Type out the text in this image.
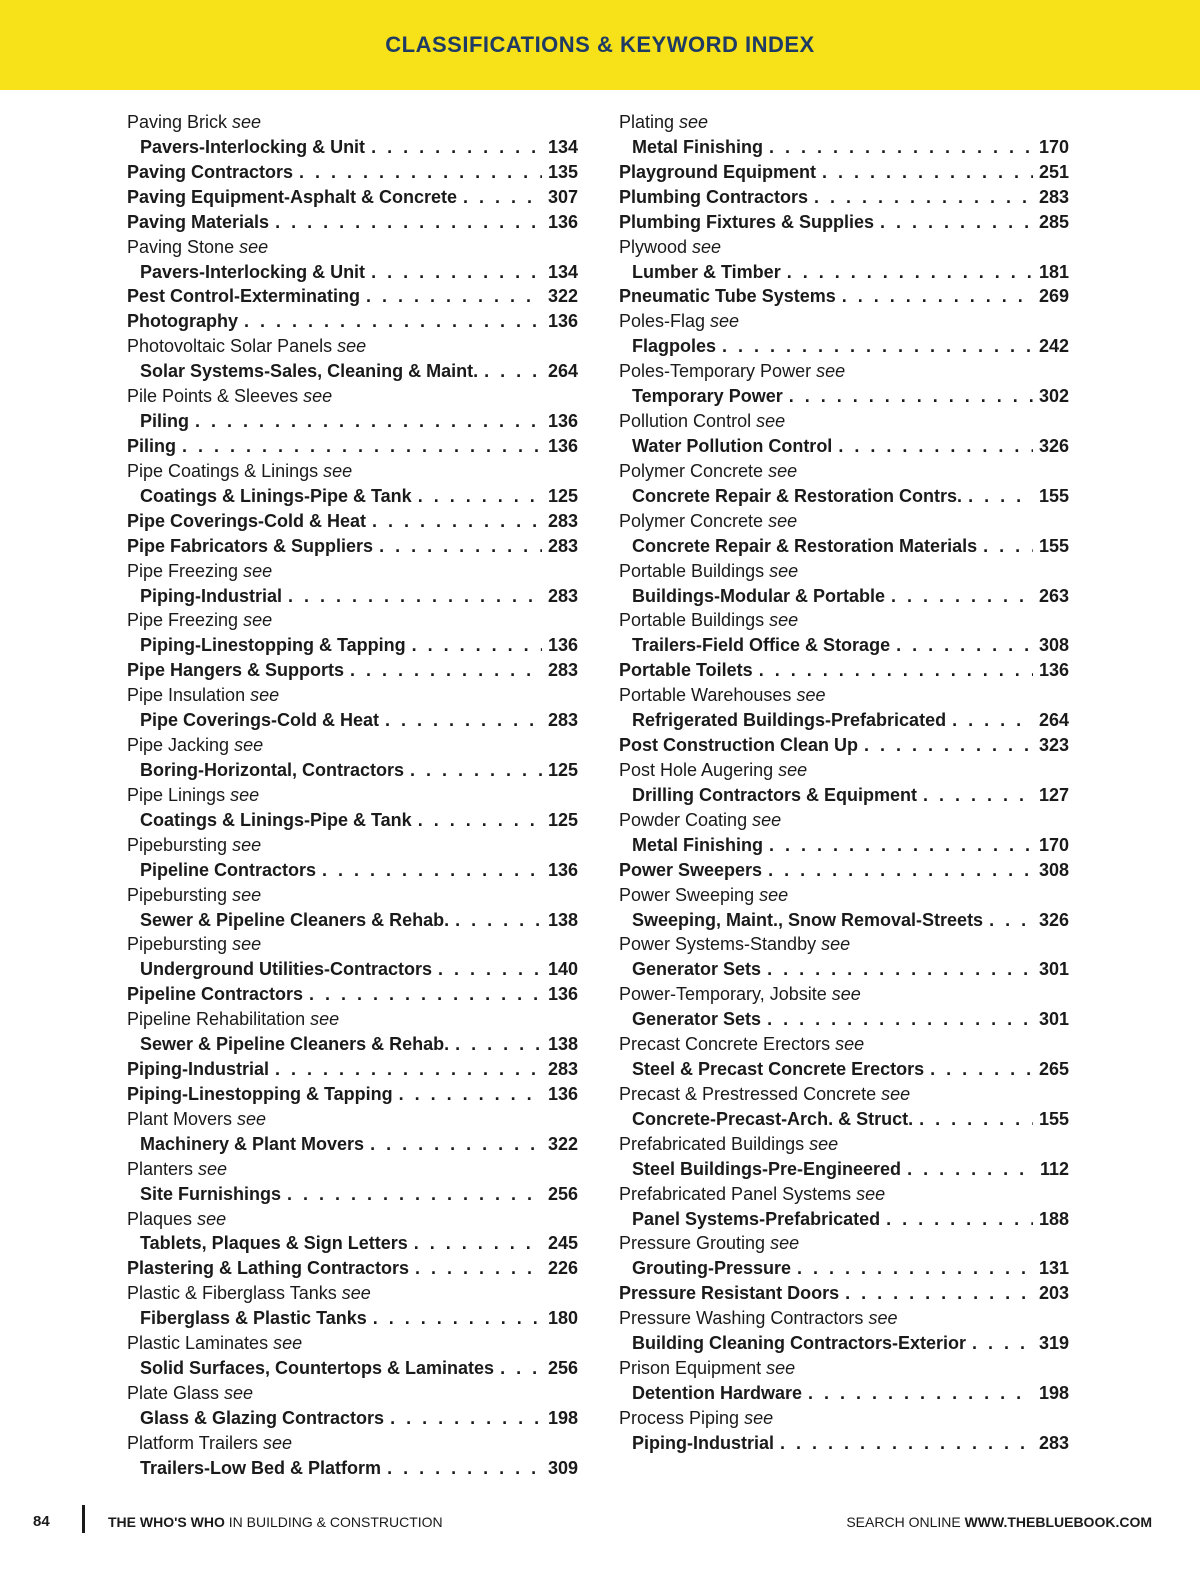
CLASSIFICATIONS & KEYWORD INDEX
Paving Brick see
Pavers-Interlocking & Unit . . .	134
Paving Contractors . . .	135
Paving Equipment-Asphalt & Concrete . . .	307
Paving Materials . . .	136
Paving Stone see
Pavers-Interlocking & Unit . . .	134
Pest Control-Exterminating . . .	322
Photography . . .	136
Photovoltaic Solar Panels see
Solar Systems-Sales, Cleaning & Maint. . . .	264
Pile Points & Sleeves see
Piling . . .	136
Piling . . .	136
Pipe Coatings & Linings see
Coatings & Linings-Pipe & Tank . . .	125
Pipe Coverings-Cold & Heat . . .	283
Pipe Fabricators & Suppliers . . .	283
Pipe Freezing see
Piping-Industrial . . .	283
Pipe Freezing see
Piping-Linestopping & Tapping . . .	136
Pipe Hangers & Supports . . .	283
Pipe Insulation see
Pipe Coverings-Cold & Heat . . .	283
Pipe Jacking see
Boring-Horizontal, Contractors . . .	125
Pipe Linings see
Coatings & Linings-Pipe & Tank . . .	125
Pipebursting see
Pipeline Contractors . . .	136
Pipebursting see
Sewer & Pipeline Cleaners & Rehab. . . .	138
Pipebursting see
Underground Utilities-Contractors . . .	140
Pipeline Contractors . . .	136
Pipeline Rehabilitation see
Sewer & Pipeline Cleaners & Rehab. . . .	138
Piping-Industrial . . .	283
Piping-Linestopping & Tapping . . .	136
Plant Movers see
Machinery & Plant Movers . . .	322
Planters see
Site Furnishings . . .	256
Plaques see
Tablets, Plaques & Sign Letters . . .	245
Plastering & Lathing Contractors . . .	226
Plastic & Fiberglass Tanks see
Fiberglass & Plastic Tanks . . .	180
Plastic Laminates see
Solid Surfaces, Countertops & Laminates . . .	256
Plate Glass see
Glass & Glazing Contractors . . .	198
Platform Trailers see
Trailers-Low Bed & Platform . . .	309
Plating see
Metal Finishing . . .	170
Playground Equipment . . .	251
Plumbing Contractors . . .	283
Plumbing Fixtures & Supplies . . .	285
Plywood see
Lumber & Timber . . .	181
Pneumatic Tube Systems . . .	269
Poles-Flag see
Flagpoles . . .	242
Poles-Temporary Power see
Temporary Power . . .	302
Pollution Control see
Water Pollution Control . . .	326
Polymer Concrete see
Concrete Repair & Restoration Contrs. . . .	155
Polymer Concrete see
Concrete Repair & Restoration Materials . . .	155
Portable Buildings see
Buildings-Modular & Portable . . .	263
Portable Buildings see
Trailers-Field Office & Storage . . .	308
Portable Toilets . . .	136
Portable Warehouses see
Refrigerated Buildings-Prefabricated . . .	264
Post Construction Clean Up . . .	323
Post Hole Augering see
Drilling Contractors & Equipment . . .	127
Powder Coating see
Metal Finishing . . .	170
Power Sweepers . . .	308
Power Sweeping see
Sweeping, Maint., Snow Removal-Streets . . .	326
Power Systems-Standby see
Generator Sets . . .	301
Power-Temporary, Jobsite see
Generator Sets . . .	301
Precast Concrete Erectors see
Steel & Precast Concrete Erectors . . .	265
Precast & Prestressed Concrete see
Concrete-Precast-Arch. & Struct. . . .	155
Prefabricated Buildings see
Steel Buildings-Pre-Engineered . . .	112
Prefabricated Panel Systems see
Panel Systems-Prefabricated . . .	188
Pressure Grouting see
Grouting-Pressure . . .	131
Pressure Resistant Doors . . .	203
Pressure Washing Contractors see
Building Cleaning Contractors-Exterior . . .	319
Prison Equipment see
Detention Hardware . . .	198
Process Piping see
Piping-Industrial . . .	283
84	THE WHO'S WHO IN BUILDING & CONSTRUCTION	SEARCH ONLINE WWW.THEBLUEBOOK.COM
